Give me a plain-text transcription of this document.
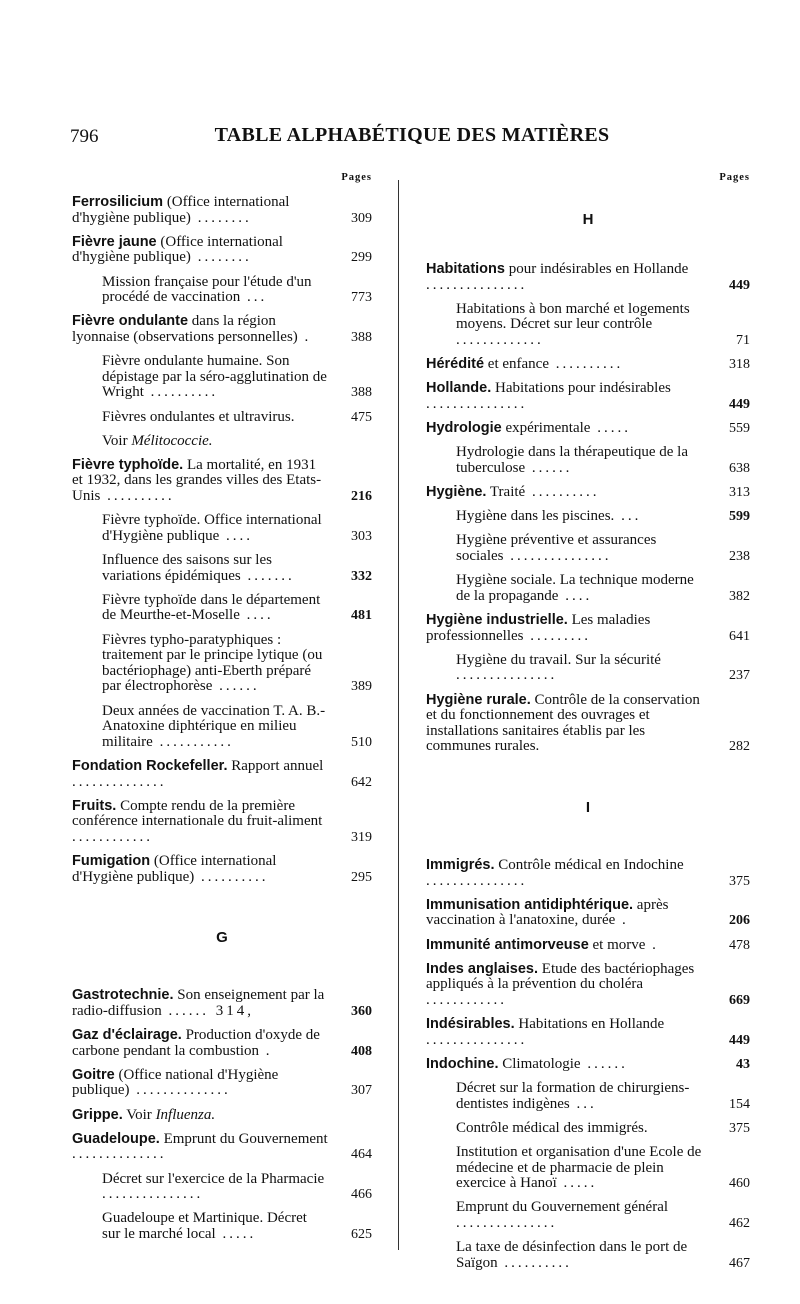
796	TABLE ALPHABÉTIQUE DES MATIÈRES
Pages
Ferrosilicium (Office international d'hygiène publique) ........	309
Fièvre jaune (Office international d'hygiène publique) ........	299
Mission française pour l'étude d'un procédé de vaccination ...	773
Fièvre ondulante dans la région lyonnaise (observations personnelles) .	388
Fièvre ondulante humaine. Son dépistage par la séro-agglutination de Wright ..........	388
Fièvres ondulantes et ultravirus.	475
Voir Mélitococcie.
Fièvre typhoïde. La mortalité, en 1931 et 1932, dans les grandes villes des Etats-Unis ..........	216
Fièvre typhoïde. Office international d'Hygiène publique ....	303
Influence des saisons sur les variations épidémiques .......	332
Fièvre typhoïde dans le département de Meurthe-et-Moselle ....	481
Fièvres typho-paratyphiques : traitement par le principe lytique (ou bactériophage) anti-Eberth préparé par électrophorèse ......	389
Deux années de vaccination T. A. B.-Anatoxine diphtérique en milieu militaire ...........	510
Fondation Rockefeller. Rapport annuel ..............	642
Fruits. Compte rendu de la première conférence internationale du fruit-aliment ............	319
Fumigation (Office international d'Hygiène publique) ..........	295
G
Gastrotechnie. Son enseignement par la radio-diffusion ...... 314,	360
Gaz d'éclairage. Production d'oxyde de carbone pendant la combustion .	408
Goitre (Office national d'Hygiène publique) ..............	307
Grippe. Voir Influenza.
Guadeloupe. Emprunt du Gouvernement ..............	464
Décret sur l'exercice de la Pharmacie ...............	466
Guadeloupe et Martinique. Décret sur le marché local .....	625
Pages
H
Habitations pour indésirables en Hollande ...............	449
Habitations à bon marché et logements moyens. Décret sur leur contrôle .............	71
Hérédité et enfance ..........	318
Hollande. Habitations pour indésirables ...............	449
Hydrologie expérimentale .....	559
Hydrologie dans la thérapeutique de la tuberculose ......	638
Hygiène. Traité ..........	313
Hygiène dans les piscines. ...	599
Hygiène préventive et assurances sociales ...............	238
Hygiène sociale. La technique moderne de la propagande ....	382
Hygiène industrielle. Les maladies professionnelles .........	641
Hygiène du travail. Sur la sécurité ...............	237
Hygiène rurale. Contrôle de la conservation et du fonctionnement des ouvrages et installations sanitaires établis par les communes rurales.	282
I
Immigrés. Contrôle médical en Indochine ...............	375
Immunisation antidiphtérique. après vaccination à l'anatoxine, durée .	206
Immunité antimorveuse et morve .	478
Indes anglaises. Etude des bactériophages appliqués à la prévention du choléra ............	669
Indésirables. Habitations en Hollande ...............	449
Indochine. Climatologie ......	43
Décret sur la formation de chirurgiens-dentistes indigènes ...	154
Contrôle médical des immigrés.	375
Institution et organisation d'une Ecole de médecine et de pharmacie de plein exercice à Hanoï .....	460
Emprunt du Gouvernement général ...............	462
La taxe de désinfection dans le port de Saïgon ..........	467
